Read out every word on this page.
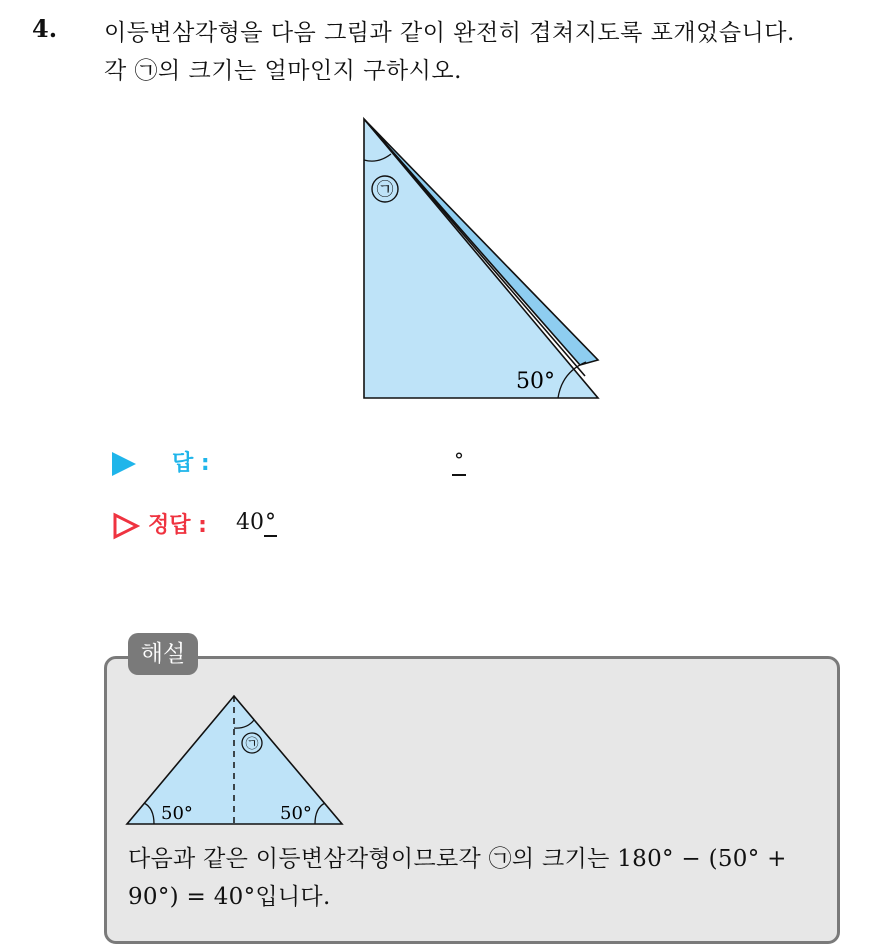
4. 이등변삼각형을 다음 그림과 같이 완전히 겹쳐지도록 포개었습니다.
각 ㉠의 크기는 얼마인지 구하시오.
㉠
50°
답 :	°
정답 : 40°
해설
㉠
50°	50°
다음과 같은 이등변삼각형이므로각 ㉠의 크기는 180° − (50° +
90°) = 40°입니다.
